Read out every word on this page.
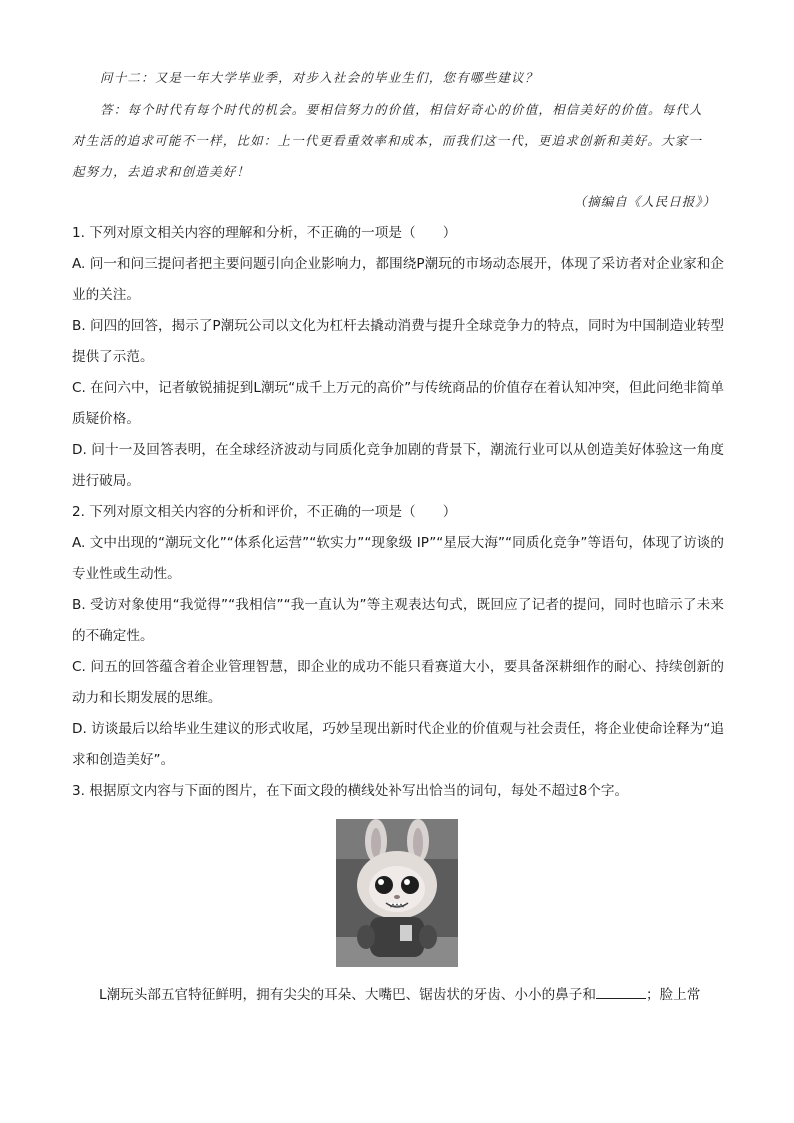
问十二：又是一年大学毕业季，对步入社会的毕业生们，您有哪些建议？
答：每个时代有每个时代的机会。要相信努力的价值，相信好奇心的价值，相信美好的价值。每代人
对生活的追求可能不一样，比如：上一代更看重效率和成本，而我们这一代，更追求创新和美好。大家一
起努力，去追求和创造美好！
（摘编自《人民日报》）

1. 下列对原文相关内容的理解和分析，不正确的一项是（　　）

A. 问一和问三提问者把主要问题引向企业影响力，都围绕P潮玩的市场动态展开，体现了采访者对企业家和企业的关注。

B. 问四的回答，揭示了P潮玩公司以文化为杠杆去撬动消费与提升全球竞争力的特点，同时为中国制造业转型提供了示范。

C. 在问六中，记者敏锐捕捉到L潮玩“成千上万元的高价”与传统商品的价值存在着认知冲突，但此问绝非简单质疑价格。

D. 问十一及回答表明，在全球经济波动与同质化竞争加剧的背景下，潮流行业可以从创造美好体验这一角度进行破局。

2. 下列对原文相关内容的分析和评价，不正确的一项是（　　）

A. 文中出现的“潮玩文化”“体系化运营”“软实力”“现象级 IP”“星辰大海”“同质化竞争”等语句，体现了访谈的专业性或生动性。

B. 受访对象使用“我觉得”“我相信”“我一直认为”等主观表达句式，既回应了记者的提问，同时也暗示了未来的不确定性。

C. 问五的回答蕴含着企业管理智慧，即企业的成功不能只看赛道大小，要具备深耕细作的耐心、持续创新的动力和长期发展的思维。

D. 访谈最后以给毕业生建议的形式收尾，巧妙呈现出新时代企业的价值观与社会责任，将企业使命诠释为“追求和创造美好”。

3. 根据原文内容与下面的图片，在下面文段的横线处补写出恰当的词句，每处不超过8个字。

L潮玩头部五官特征鲜明，拥有尖尖的耳朵、大嘴巴、锯齿状的牙齿、小小的鼻子和	；脸上常
